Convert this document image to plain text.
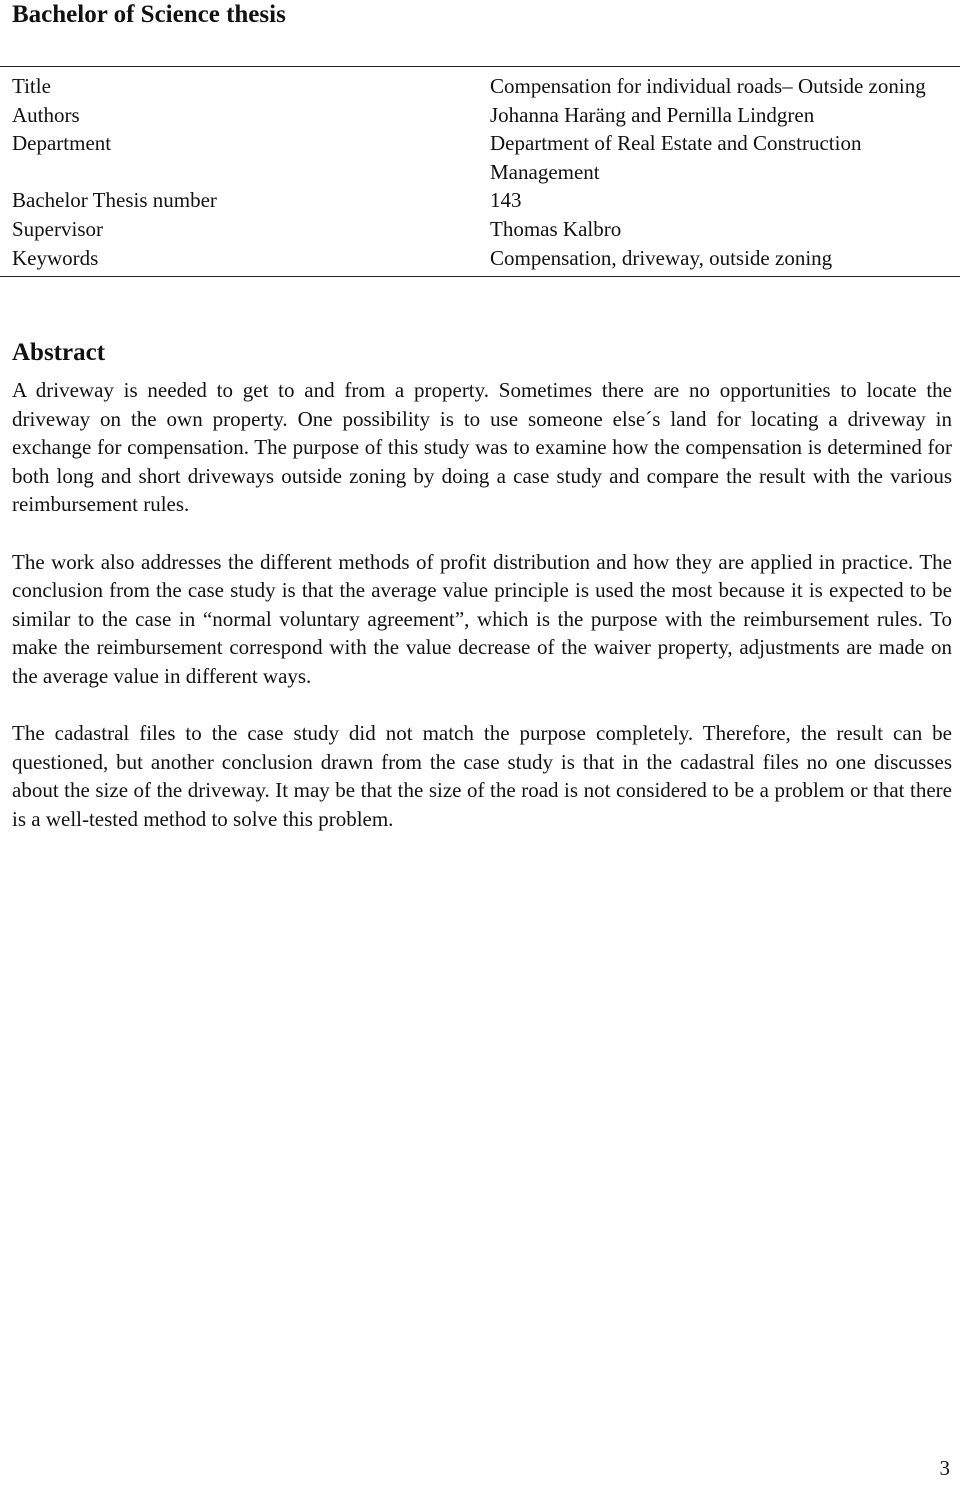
Bachelor of Science thesis
Title	Compensation for individual roads– Outside zoning
Authors	Johanna Haräng and Pernilla Lindgren
Department	Department of Real Estate and Construction Management
Bachelor Thesis number	143
Supervisor	Thomas Kalbro
Keywords	Compensation, driveway, outside zoning
Abstract

A driveway is needed to get to and from a property. Sometimes there are no opportunities to locate the driveway on the own property. One possibility is to use someone else´s land for locating a driveway in exchange for compensation. The purpose of this study was to examine how the compensation is determined for both long and short driveways outside zoning by doing a case study and compare the result with the various reimbursement rules.

The work also addresses the different methods of profit distribution and how they are applied in practice. The conclusion from the case study is that the average value principle is used the most because it is expected to be similar to the case in “normal voluntary agreement”, which is the purpose with the reimbursement rules. To make the reimbursement correspond with the value decrease of the waiver property, adjustments are made on the average value in different ways.

The cadastral files to the case study did not match the purpose completely. Therefore, the result can be questioned, but another conclusion drawn from the case study is that in the cadastral files no one discusses about the size of the driveway. It may be that the size of the road is not considered to be a problem or that there is a well-tested method to solve this problem.

3
